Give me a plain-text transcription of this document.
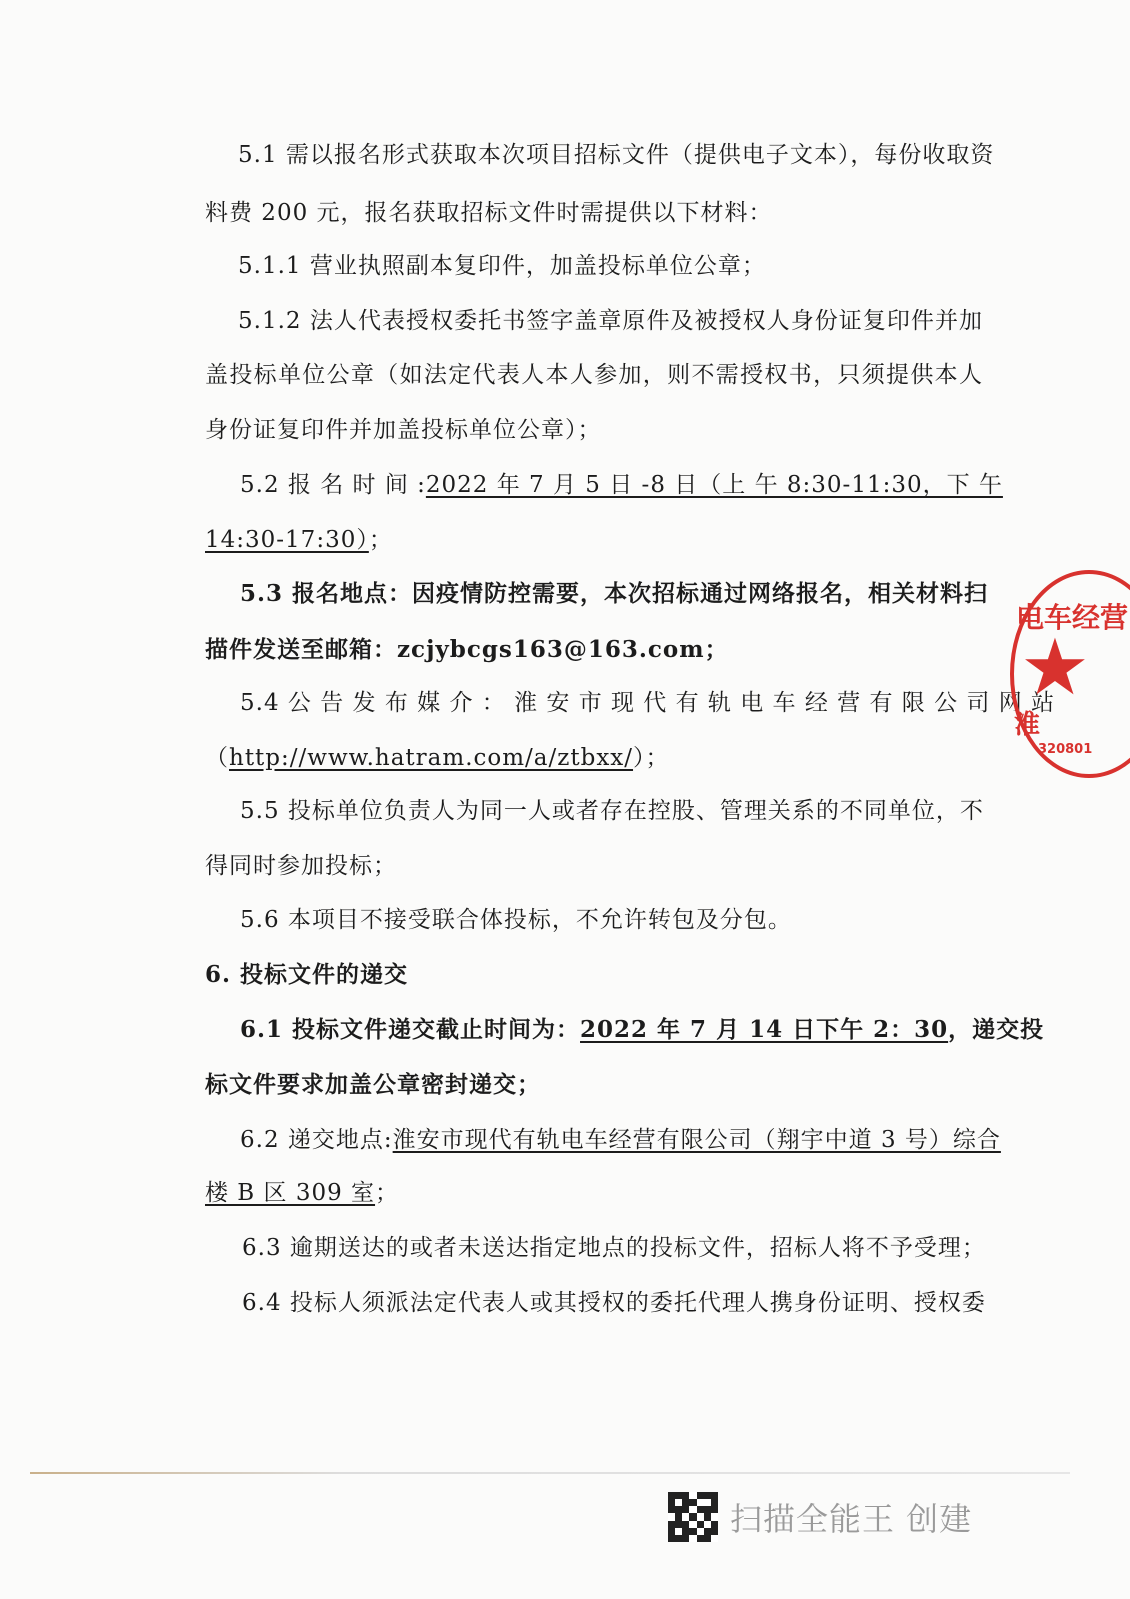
5.1 需以报名形式获取本次项目招标文件（提供电子文本），每份收取资
料费 200 元，报名获取招标文件时需提供以下材料：
5.1.1 营业执照副本复印件，加盖投标单位公章；
5.1.2 法人代表授权委托书签字盖章原件及被授权人身份证复印件并加
盖投标单位公章（如法定代表人本人参加，则不需授权书，只须提供本人
身份证复印件并加盖投标单位公章）；
5.2 报 名 时 间 :2022 年 7 月 5 日 -8 日（上 午 8:30-11:30，下 午
14:30-17:30）；
5.3 报名地点：因疫情防控需要，本次招标通过网络报名，相关材料扫
描件发送至邮箱：zcjybcgs163@163.com；
5.4 公 告 发 布 媒 介 ： 淮 安 市 现 代 有 轨 电 车 经 营 有 限 公 司 网 站
（http://www.hatram.com/a/ztbxx/）；
5.5 投标单位负责人为同一人或者存在控股、管理关系的不同单位，不
得同时参加投标；
5.6 本项目不接受联合体投标，不允许转包及分包。
6. 投标文件的递交
6.1 投标文件递交截止时间为：2022 年 7 月 14 日下午 2：30，递交投
标文件要求加盖公章密封递交；
6.2 递交地点:淮安市现代有轨电车经营有限公司（翔宇中道 3 号）综合
楼 B 区 309 室；
6.3 逾期送达的或者未送达指定地点的投标文件，招标人将不予受理；
6.4 投标人须派法定代表人或其授权的委托代理人携身份证明、授权委
电车经营
★
淮
320801
扫描全能王 创建
